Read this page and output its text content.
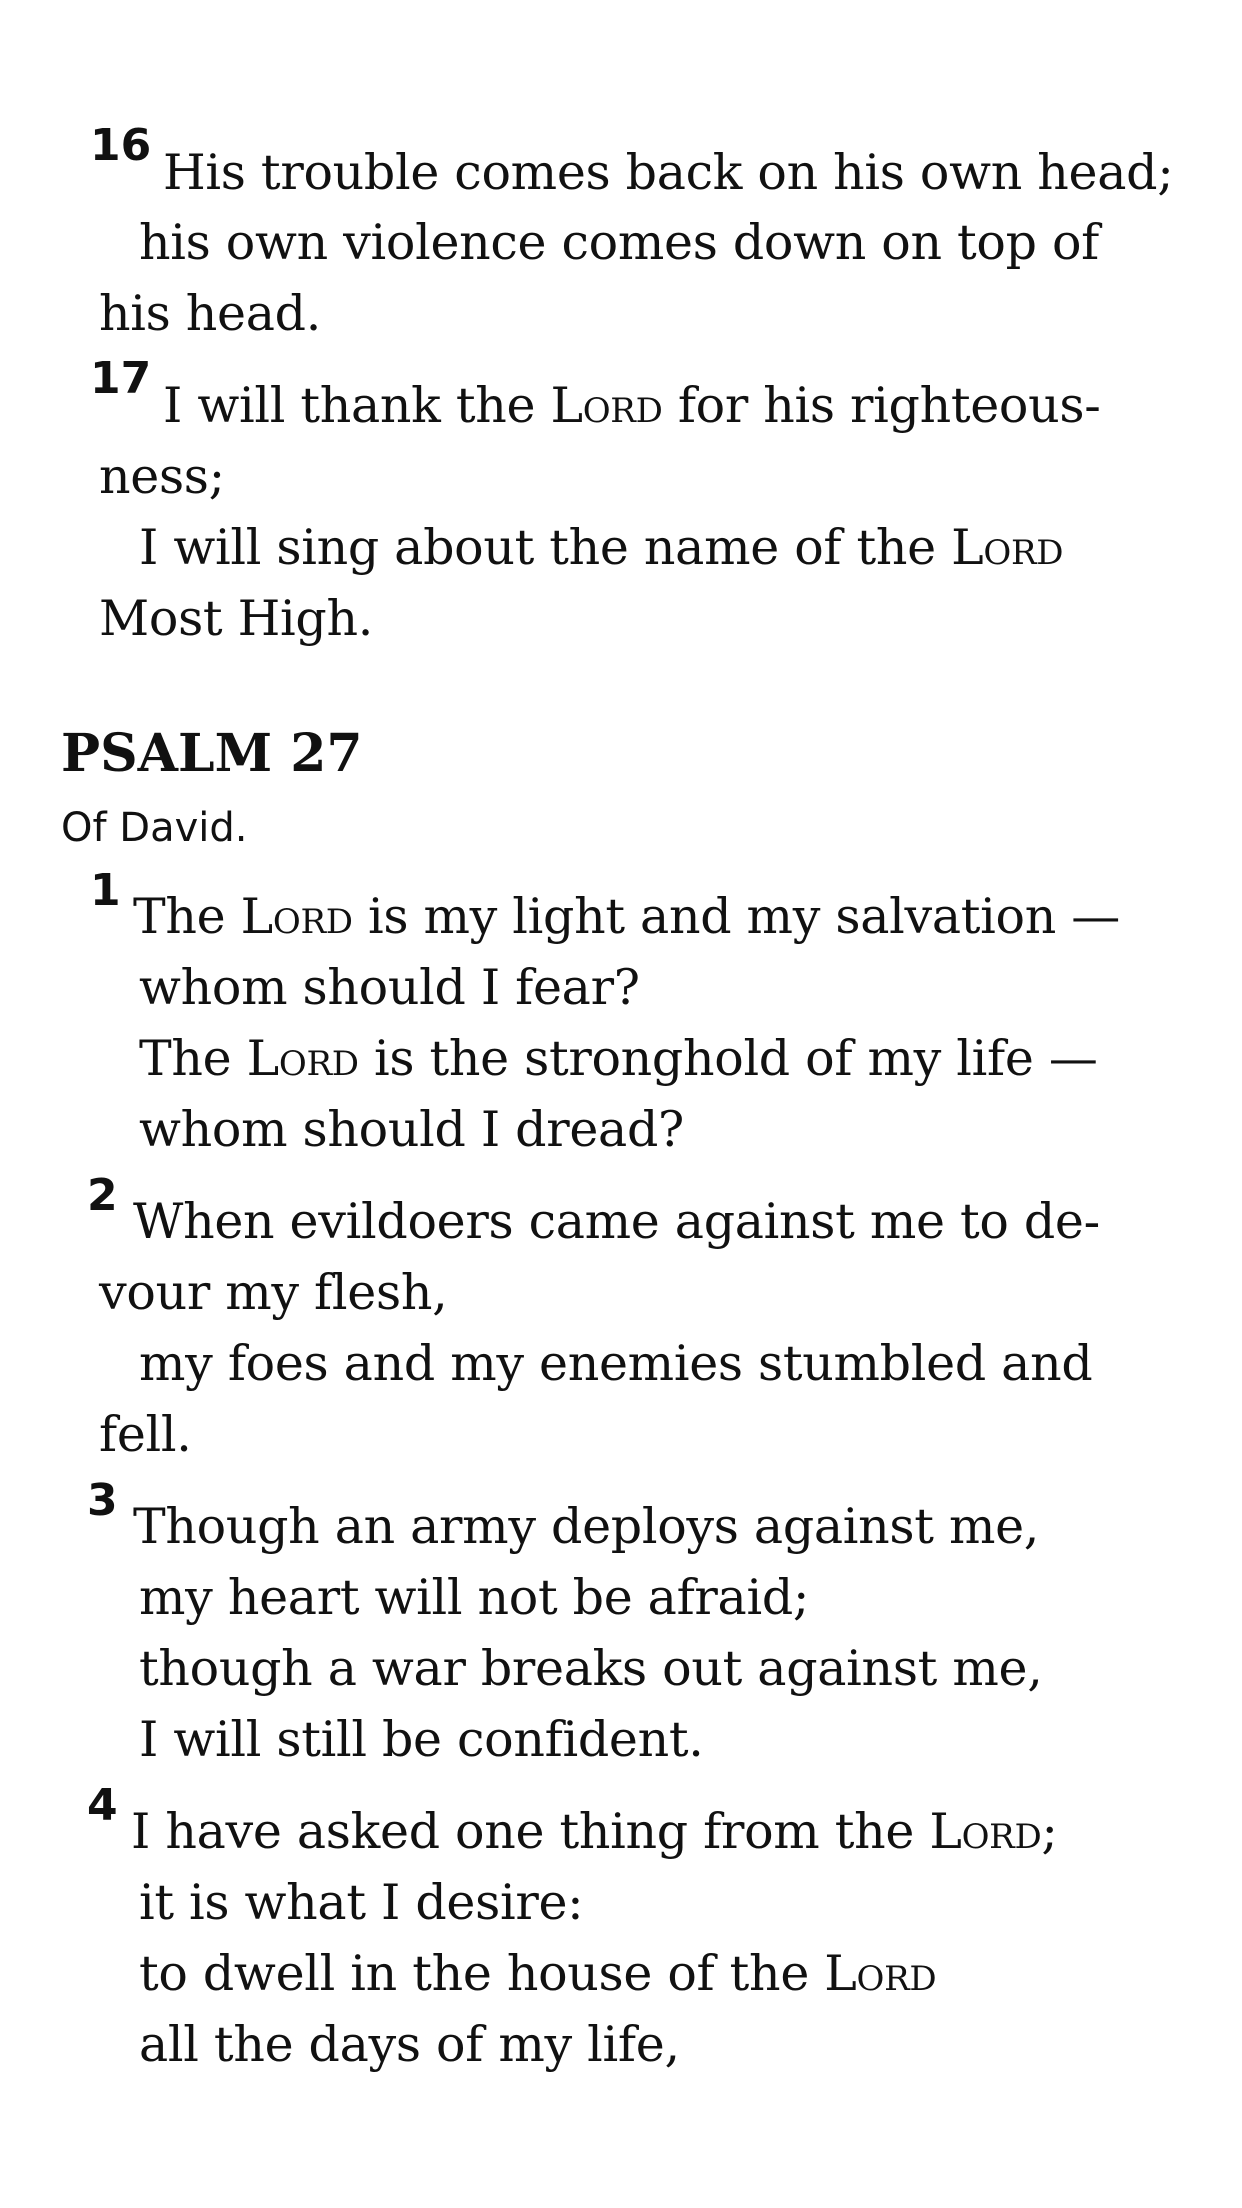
16 His trouble comes back on his own head;
his own violence comes down on top of
his head.
17 I will thank the Lord for his righteous-
ness;
I will sing about the name of the Lord
Most High.
PSALM 27
Of David.
1 The Lord is my light and my salvation —
whom should I fear?
The Lord is the stronghold of my life —
whom should I dread?
2 When evildoers came against me to de-
vour my flesh,
my foes and my enemies stumbled and
fell.
3 Though an army deploys against me,
my heart will not be afraid;
though a war breaks out against me,
I will still be confident.
4 I have asked one thing from the Lord;
it is what I desire:
to dwell in the house of the Lord
all the days of my life,
